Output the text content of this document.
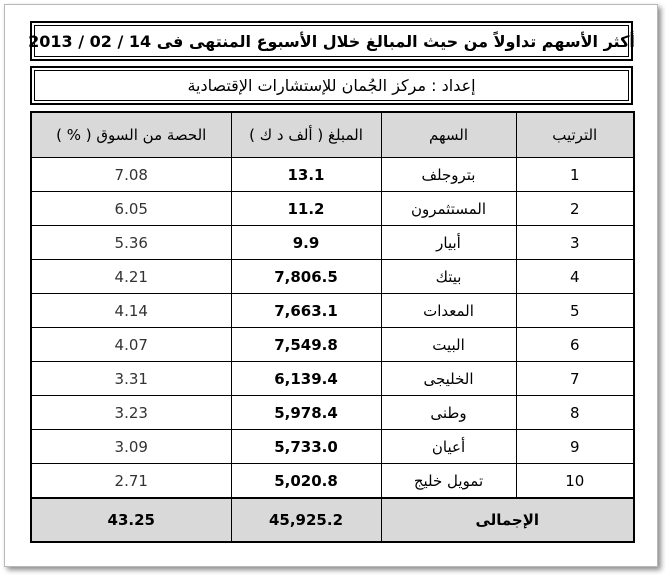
أكثر الأسهم تداولاً من حيث المبالغ خلال الأسبوع المنتهى فى 14 / 02 / 2013
إعداد : مركز الجُمان للإستشارات الإقتصادية
الترتيب	السهم	المبلغ ( ألف د ك )	الحصة من السوق ( % )
1	بتروجلف	13.1	7.08
2	المستثمرون	11.2	6.05
3	أبيار	9.9	5.36
4	بيتك	7,806.5	4.21
5	المعدات	7,663.1	4.14
6	البيت	7,549.8	4.07
7	الخليجى	6,139.4	3.31
8	وطنى	5,978.4	3.23
9	أعيان	5,733.0	3.09
10	تمويل خليج	5,020.8	2.71
الإجمالى		45,925.2	43.25
